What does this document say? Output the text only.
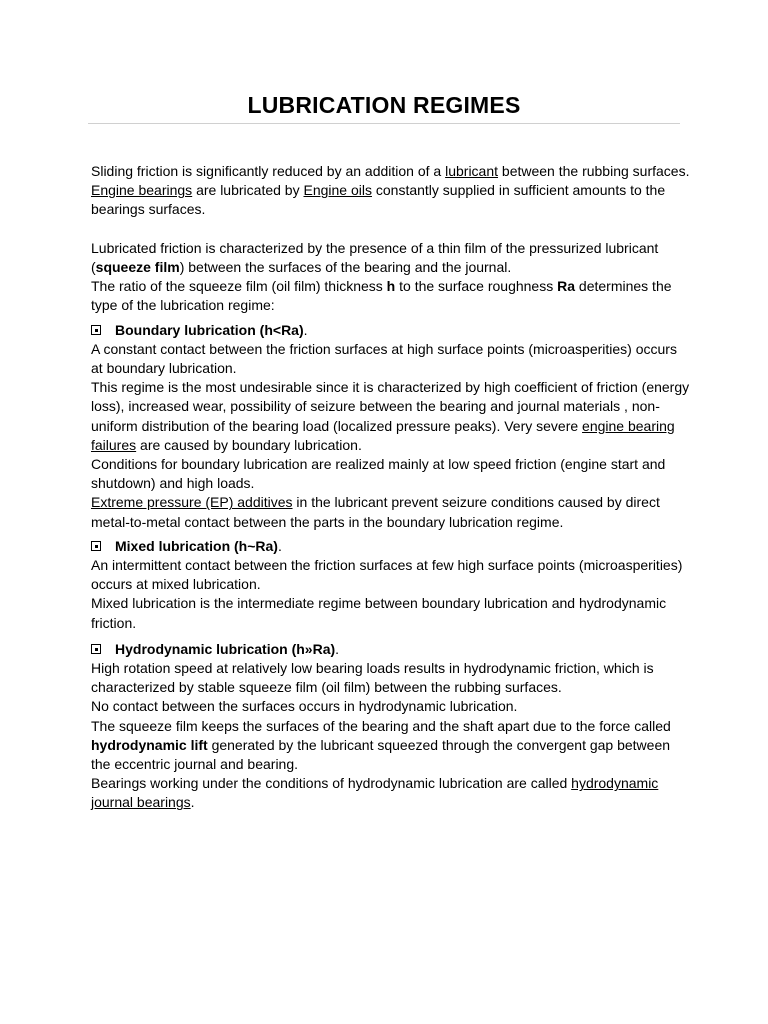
LUBRICATION REGIMES

Sliding friction is significantly reduced by an addition of a lubricant between the rubbing surfaces.

Engine bearings are lubricated by Engine oils constantly supplied in sufficient amounts to the bearings surfaces.

Lubricated friction is characterized by the presence of a thin film of the pressurized lubricant (squeeze film) between the surfaces of the bearing and the journal.

The ratio of the squeeze film (oil film) thickness h to the surface roughness Ra determines the type of the lubrication regime:

Boundary lubrication (h<Ra).

A constant contact between the friction surfaces at high surface points (microasperities) occurs at boundary lubrication.

This regime is the most undesirable since it is characterized by high coefficient of friction (energy loss), increased wear, possibility of seizure between the bearing and journal materials , non-uniform distribution of the bearing load (localized pressure peaks). Very severe engine bearing failures are caused by boundary lubrication.

Conditions for boundary lubrication are realized mainly at low speed friction (engine start and shutdown) and high loads.

Extreme pressure (EP) additives in the lubricant prevent seizure conditions caused by direct metal-to-metal contact between the parts in the boundary lubrication regime.

Mixed lubrication (h~Ra).

An intermittent contact between the friction surfaces at few high surface points (microasperities) occurs at mixed lubrication.

Mixed lubrication is the intermediate regime between boundary lubrication and hydrodynamic friction.

Hydrodynamic lubrication (h»Ra).

High rotation speed at relatively low bearing loads results in hydrodynamic friction, which is characterized by stable squeeze film (oil film) between the rubbing surfaces.

No contact between the surfaces occurs in hydrodynamic lubrication.

The squeeze film keeps the surfaces of the bearing and the shaft apart due to the force called hydrodynamic lift generated by the lubricant squeezed through the convergent gap between the eccentric journal and bearing.

Bearings working under the conditions of hydrodynamic lubrication are called hydrodynamic journal bearings.
